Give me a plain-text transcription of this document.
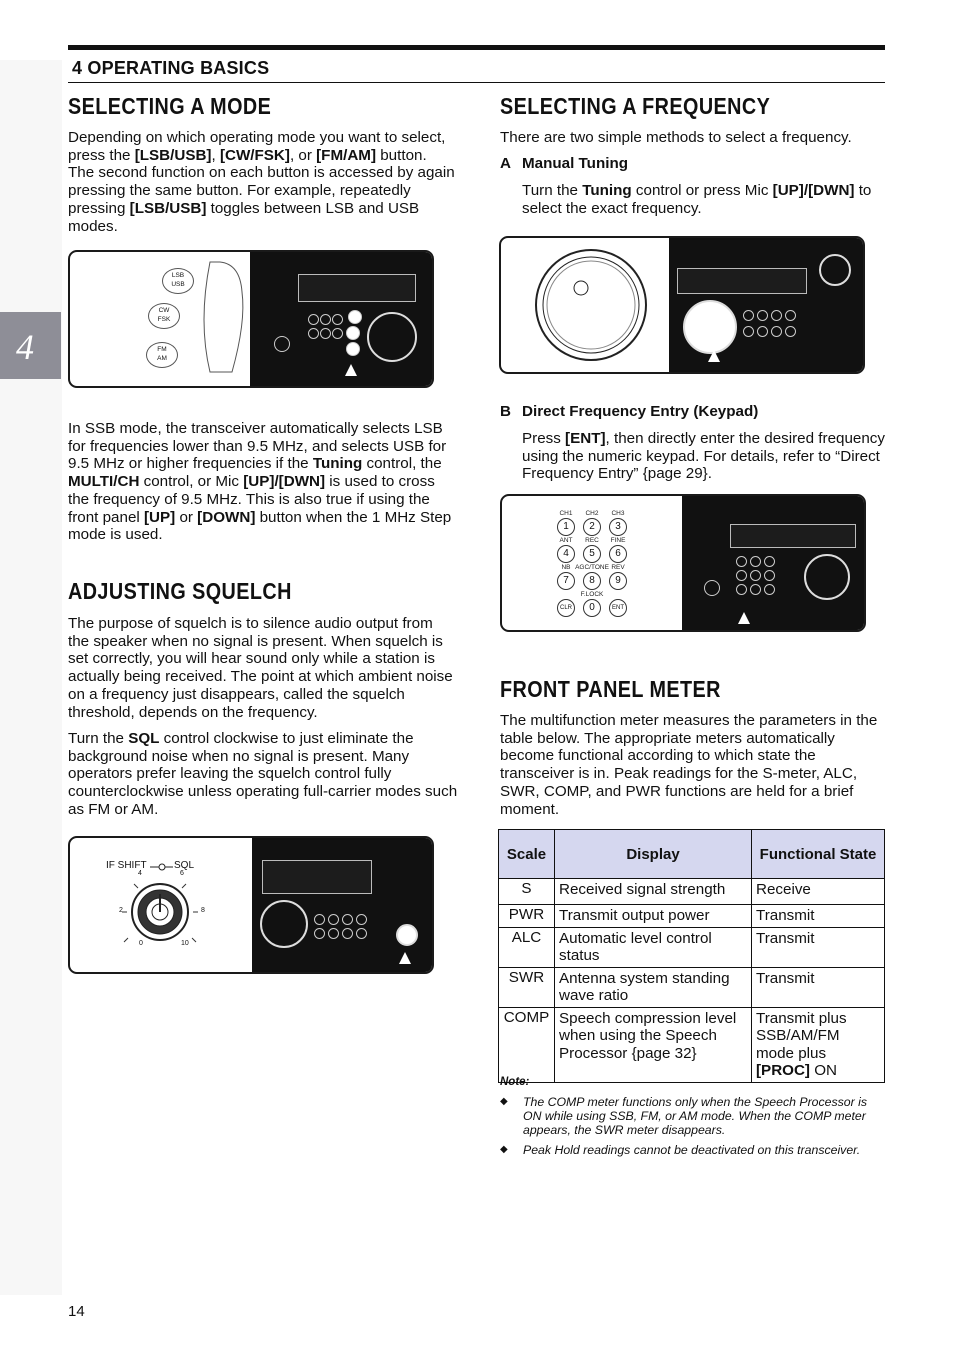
4
4 OPERATING BASICS
SELECTING A MODE
Depending on which operating mode you want to select, press the [LSB/USB], [CW/FSK], or [FM/AM] button. The second function on each button is accessed by again pressing the same button. For example, repeatedly pressing [LSB/USB] toggles between LSB and USB modes.
LSB
USB
CW
FSK
FM
AM
In SSB mode, the transceiver automatically selects LSB for frequencies lower than 9.5 MHz, and selects USB for 9.5 MHz or higher frequencies if the Tuning control, the MULTI/CH control, or Mic [UP]/[DWN] is used to cross the frequency of 9.5 MHz. This is also true if using the front panel [UP] or [DOWN] button when the 1 MHz Step mode is used.
ADJUSTING SQUELCH
The purpose of squelch is to silence audio output from the speaker when no signal is present. When squelch is set correctly, you will hear sound only while a station is actually being received. The point at which ambient noise on a frequency just disappears, called the squelch threshold, depends on the frequency.
Turn the SQL control clockwise to just eliminate the background noise when no signal is present. Many operators prefer leaving the squelch control fully counterclockwise unless operating full-carrier modes such as FM or AM.
IF SHIFT	SQL
4	6
2	8
0	10
SELECTING A FREQUENCY
There are two simple methods to select a frequency.
A Manual Tuning
Turn the Tuning control or press Mic [UP]/[DWN] to select the exact frequency.
B Direct Frequency Entry (Keypad)
Press [ENT], then directly enter the desired frequency using the numeric keypad. For details, refer to “Direct Frequency Entry” {page 29}.
CH1	CH2	CH3
1	2	3
ANT	REC	FINE
4	5	6
NB AGC/TONE REV
7	8	9
F.LOCK
CLR	0	ENT
FRONT PANEL METER
The multifunction meter measures the parameters in the table below. The appropriate meters automatically become functional according to which state the transceiver is in. Peak readings for the S-meter, ALC, SWR, COMP, and PWR functions are held for a brief moment.
Scale	Display	Functional State
S	Received signal strength	Receive
PWR	Transmit output power	Transmit
ALC	Automatic level control status	Transmit
SWR	Antenna system standing wave ratio	Transmit
COMP	Speech compression level when using the Speech Processor {page 32}	Transmit plus SSB/AM/FM mode plus [PROC] ON
Note:
◆ The COMP meter functions only when the Speech Processor is ON while using SSB, FM, or AM mode. When the COMP meter appears, the SWR meter disappears.
◆ Peak Hold readings cannot be deactivated on this transceiver.
14
